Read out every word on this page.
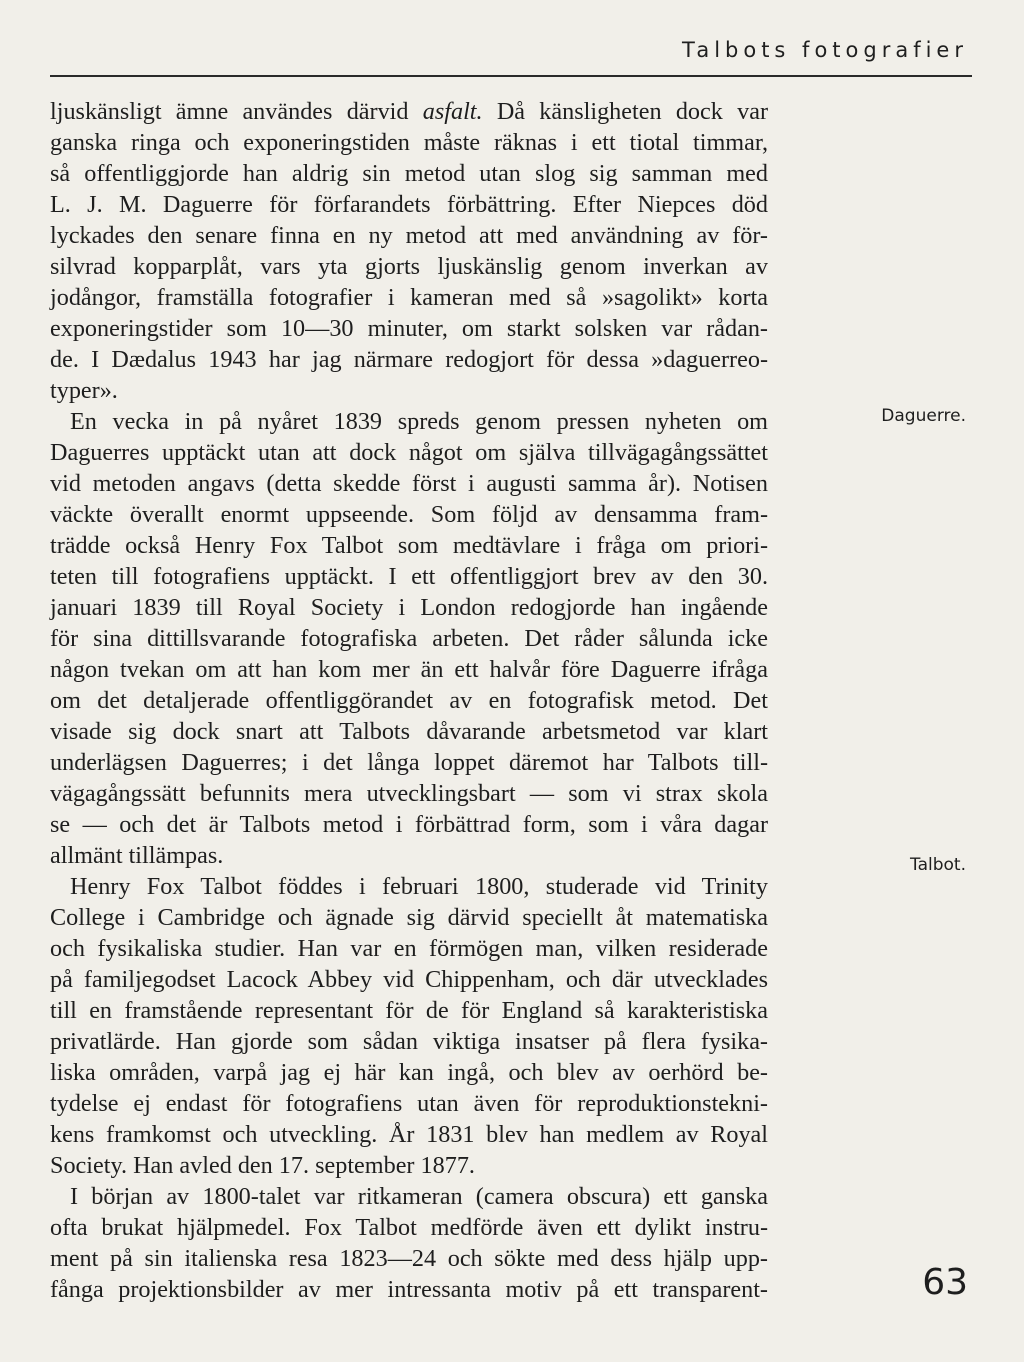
Talbots fotografier
ljuskänsligt ämne användes därvid asfalt. Då känsligheten dock var
ganska ringa och exponeringstiden måste räknas i ett tiotal timmar,
så offentliggjorde han aldrig sin metod utan slog sig samman med
L. J. M. Daguerre för förfarandets förbättring. Efter Niepces död
lyckades den senare finna en ny metod att med användning av för-
silvrad kopparplåt, vars yta gjorts ljuskänslig genom inverkan av
jodångor, framställa fotografier i kameran med så »sagolikt» korta
exponeringstider som 10—30 minuter, om starkt solsken var rådan-
de. I Dædalus 1943 har jag närmare redogjort för dessa »daguerreo-
typer».
En vecka in på nyåret 1839 spreds genom pressen nyheten om
Daguerres upptäckt utan att dock något om själva tillvägagångssättet
vid metoden angavs (detta skedde först i augusti samma år). Notisen
väckte överallt enormt uppseende. Som följd av densamma fram-
trädde också Henry Fox Talbot som medtävlare i fråga om priori-
teten till fotografiens upptäckt. I ett offentliggjort brev av den 30.
januari 1839 till Royal Society i London redogjorde han ingående
för sina dittillsvarande fotografiska arbeten. Det råder sålunda icke
någon tvekan om att han kom mer än ett halvår före Daguerre ifråga
om det detaljerade offentliggörandet av en fotografisk metod. Det
visade sig dock snart att Talbots dåvarande arbetsmetod var klart
underlägsen Daguerres; i det långa loppet däremot har Talbots till-
vägagångssätt befunnits mera utvecklingsbart — som vi strax skola
se — och det är Talbots metod i förbättrad form, som i våra dagar
allmänt tillämpas.
Henry Fox Talbot föddes i februari 1800, studerade vid Trinity
College i Cambridge och ägnade sig därvid speciellt åt matematiska
och fysikaliska studier. Han var en förmögen man, vilken residerade
på familjegodset Lacock Abbey vid Chippenham, och där utvecklades
till en framstående representant för de för England så karakteristiska
privatlärde. Han gjorde som sådan viktiga insatser på flera fysika-
liska områden, varpå jag ej här kan ingå, och blev av oerhörd be-
tydelse ej endast för fotografiens utan även för reproduktionstekni-
kens framkomst och utveckling. År 1831 blev han medlem av Royal
Society. Han avled den 17. september 1877.
I början av 1800-talet var ritkameran (camera obscura) ett ganska
ofta brukat hjälpmedel. Fox Talbot medförde även ett dylikt instru-
ment på sin italienska resa 1823—24 och sökte med dess hjälp upp-
fånga projektionsbilder av mer intressanta motiv på ett transparent-
Daguerre.
Talbot.
63
